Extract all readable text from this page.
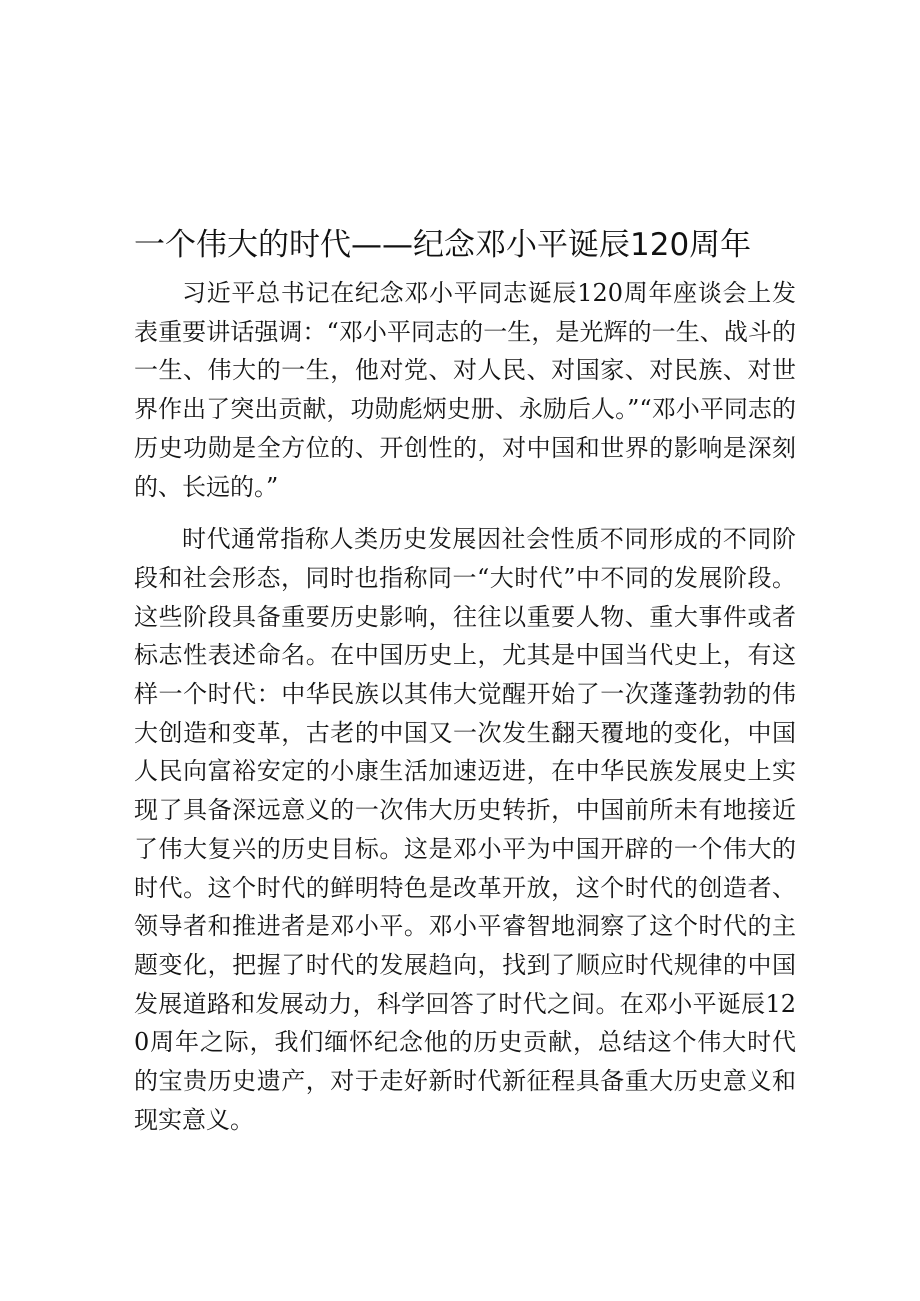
一个伟大的时代——纪念邓小平诞辰120周年

习近平总书记在纪念邓小平同志诞辰120周年座谈会上发表重要讲话强调：“邓小平同志的一生，是光辉的一生、战斗的一生、伟大的一生，他对党、对人民、对国家、对民族、对世界作出了突出贡献，功勋彪炳史册、永励后人。”“邓小平同志的历史功勋是全方位的、开创性的，对中国和世界的影响是深刻的、长远的。”

时代通常指称人类历史发展因社会性质不同形成的不同阶段和社会形态，同时也指称同一“大时代”中不同的发展阶段。这些阶段具备重要历史影响，往往以重要人物、重大事件或者标志性表述命名。在中国历史上，尤其是中国当代史上，有这样一个时代：中华民族以其伟大觉醒开始了一次蓬蓬勃勃的伟大创造和变革，古老的中国又一次发生翻天覆地的变化，中国人民向富裕安定的小康生活加速迈进，在中华民族发展史上实现了具备深远意义的一次伟大历史转折，中国前所未有地接近了伟大复兴的历史目标。这是邓小平为中国开辟的一个伟大的时代。这个时代的鲜明特色是改革开放，这个时代的创造者、领导者和推进者是邓小平。邓小平睿智地洞察了这个时代的主题变化，把握了时代的发展趋向，找到了顺应时代规律的中国发展道路和发展动力，科学回答了时代之间。在邓小平诞辰120周年之际，我们缅怀纪念他的历史贡献，总结这个伟大时代的宝贵历史遗产，对于走好新时代新征程具备重大历史意义和现实意义。
